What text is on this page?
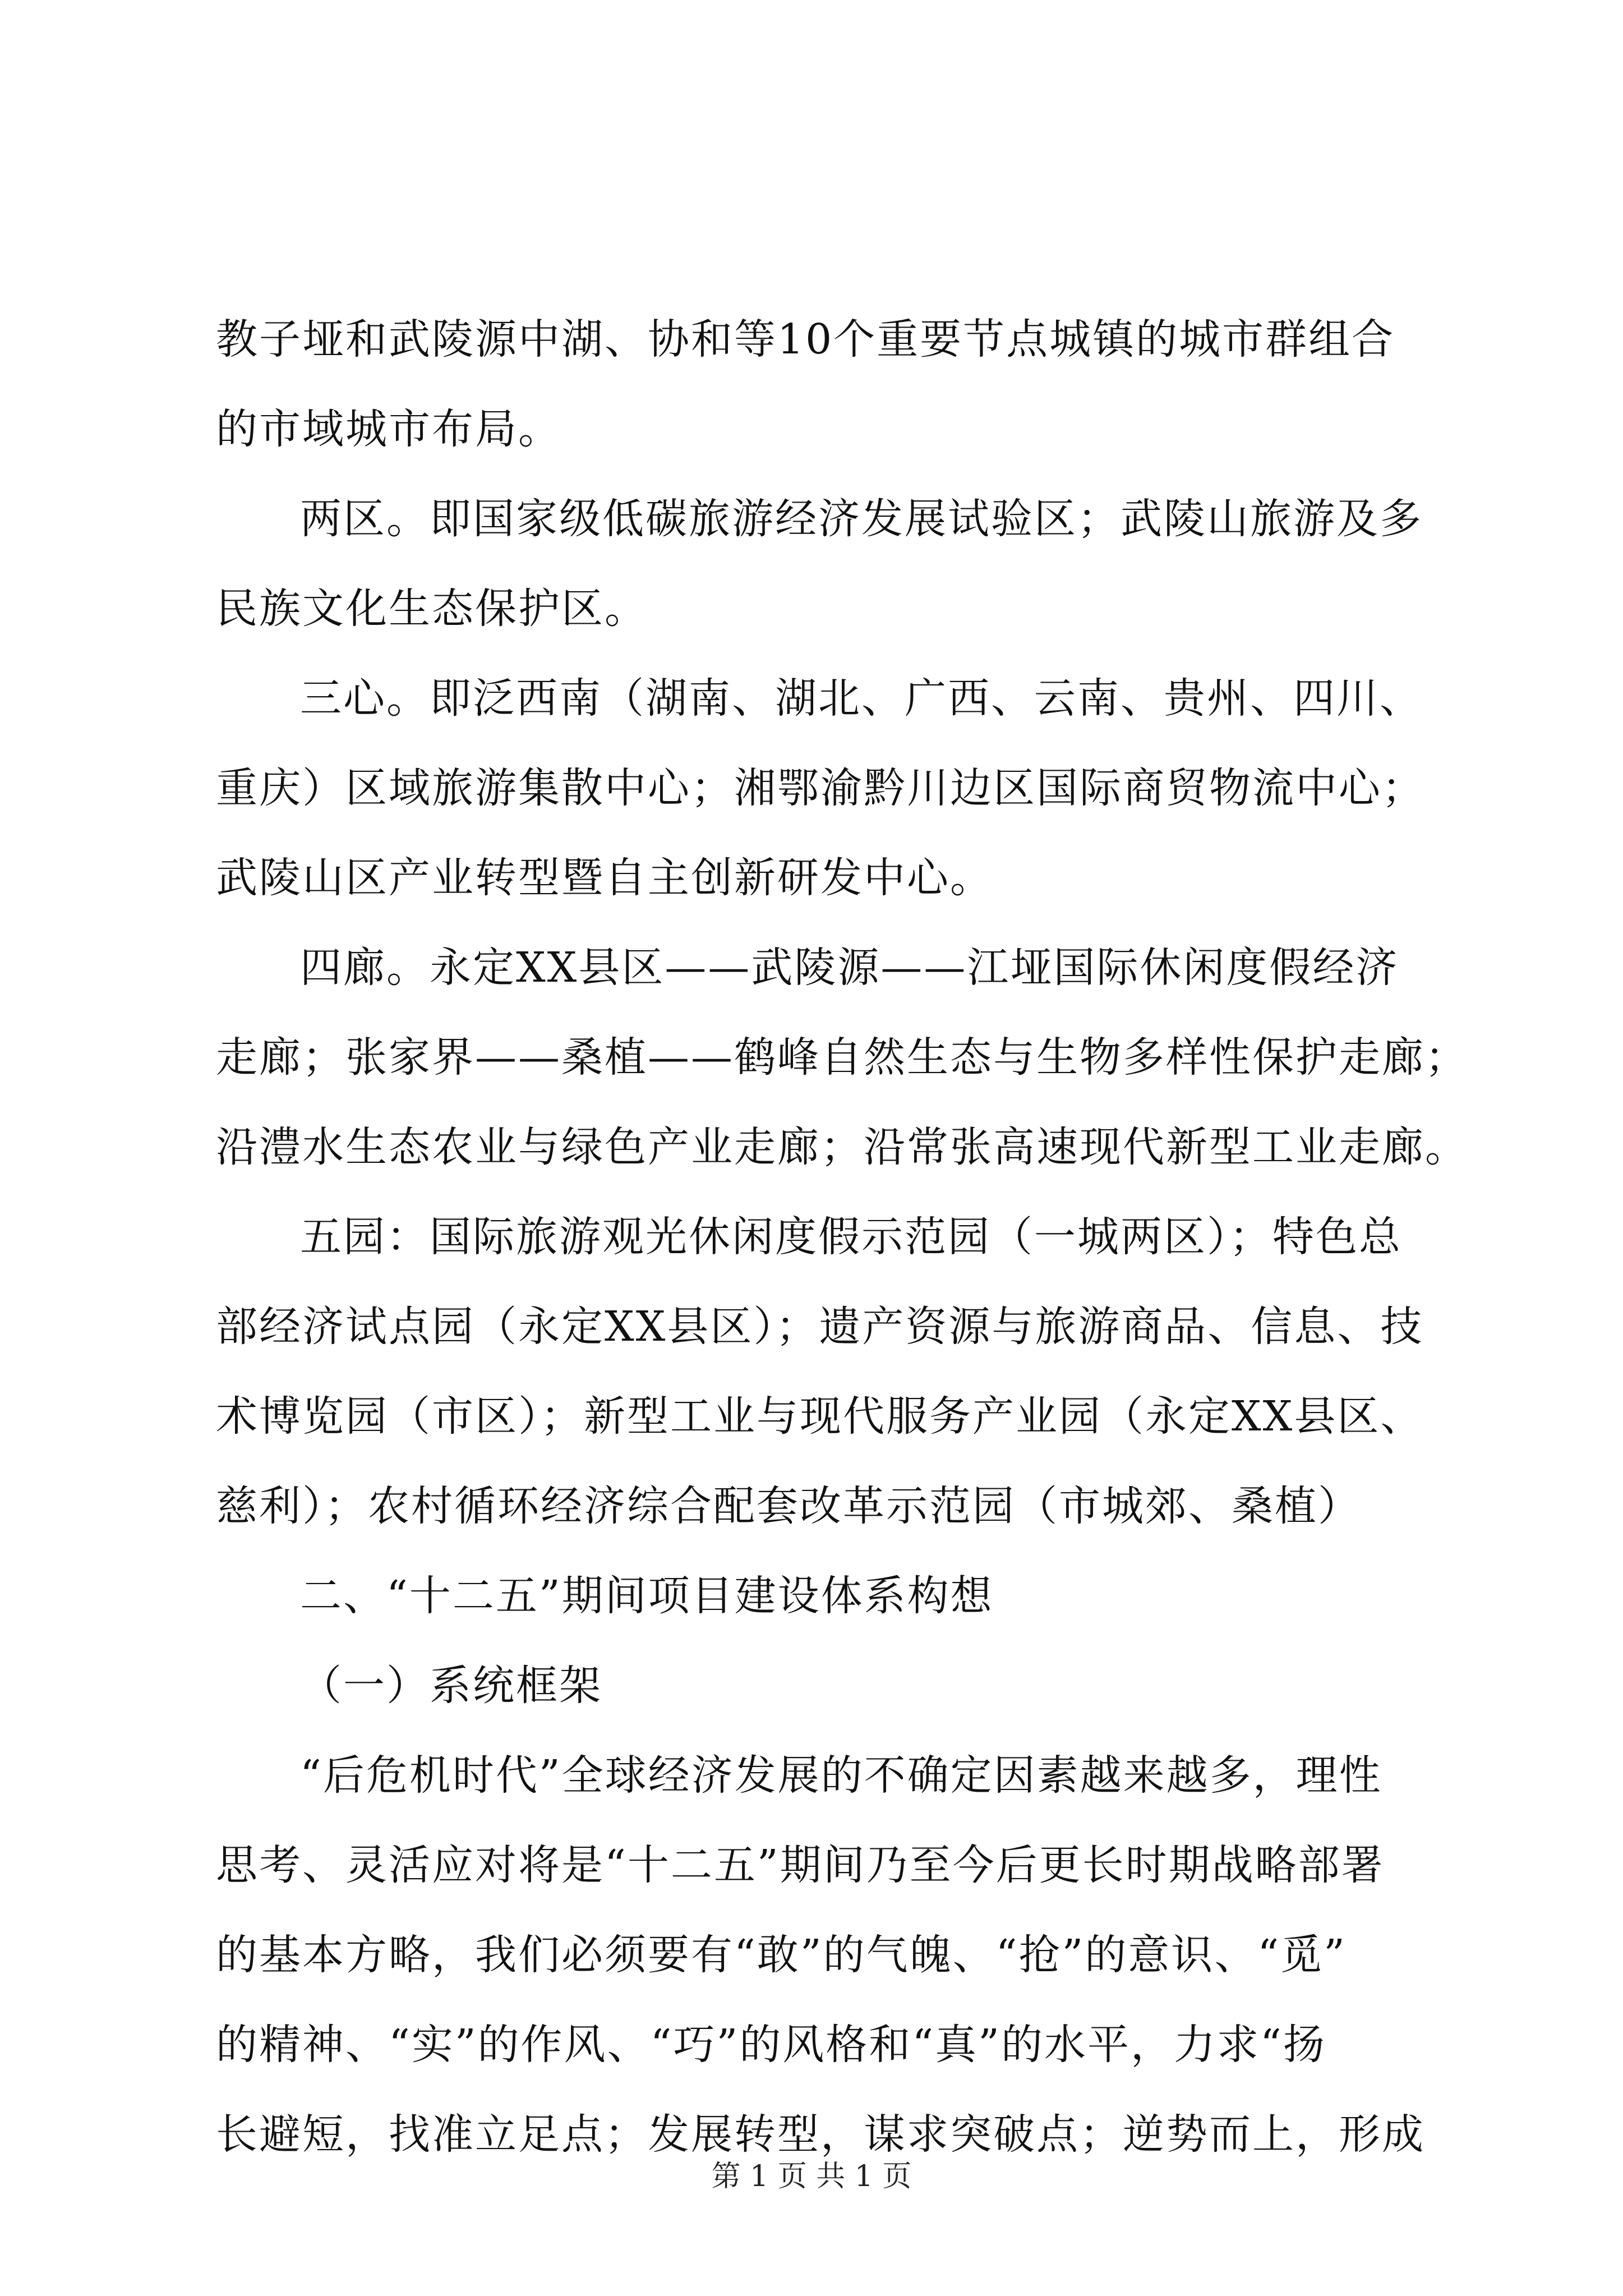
教子垭和武陵源中湖、协和等10个重要节点城镇的城市群组合
的市域城市布局。
两区。即国家级低碳旅游经济发展试验区；武陵山旅游及多
民族文化生态保护区。
三心。即泛西南（湖南、湖北、广西、云南、贵州、四川、
重庆）区域旅游集散中心；湘鄂渝黔川边区国际商贸物流中心；
武陵山区产业转型暨自主创新研发中心。
四廊。永定XX县区——武陵源——江垭国际休闲度假经济
走廊；张家界——桑植——鹤峰自然生态与生物多样性保护走廊；
沿澧水生态农业与绿色产业走廊；沿常张高速现代新型工业走廊。
五园：国际旅游观光休闲度假示范园（一城两区）；特色总
部经济试点园（永定XX县区）；遗产资源与旅游商品、信息、技
术博览园（市区）；新型工业与现代服务产业园（永定XX县区、
慈利）；农村循环经济综合配套改革示范园（市城郊、桑植）
二、“十二五”期间项目建设体系构想
（一）系统框架
“后危机时代”全球经济发展的不确定因素越来越多，理性
思考、灵活应对将是“十二五”期间乃至今后更长时期战略部署
的基本方略，我们必须要有“敢”的气魄、“抢”的意识、“觅”
的精神、“实”的作风、“巧”的风格和“真”的水平，力求“扬
长避短，找准立足点；发展转型，谋求突破点；逆势而上，形成
第 1 页 共 1 页
